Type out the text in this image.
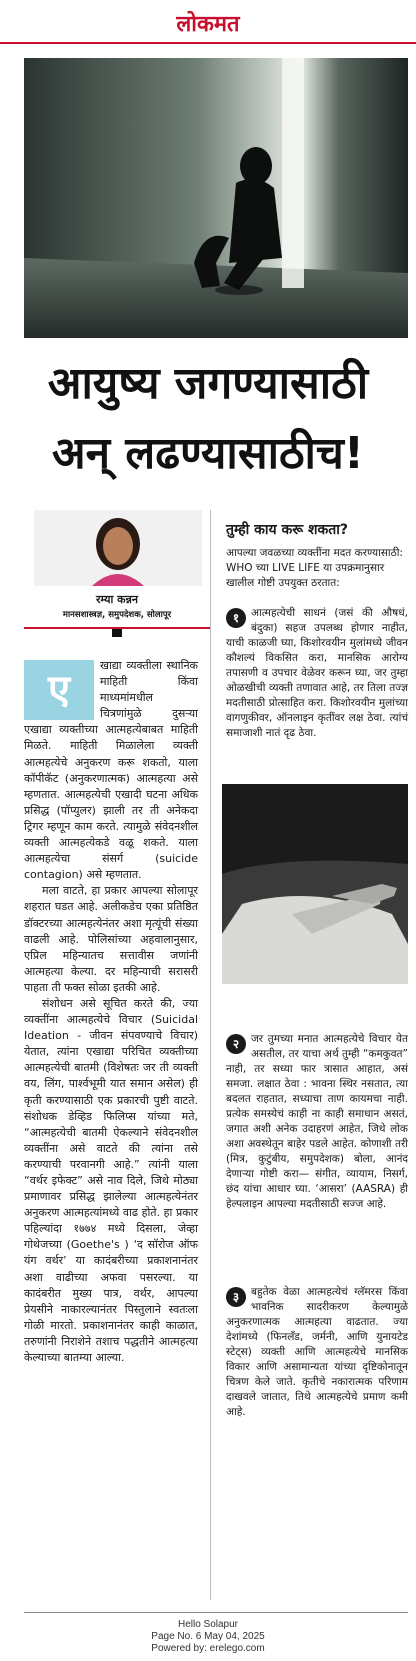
लोकमत
आयुष्य जगण्यासाठी
अन् लढण्यासाठीच!
रम्या कन्नन
मानसशास्त्रज्ञ, समुपदेशक, सोलापूर
ए

खाद्या व्यक्तीला स्थानिक माहिती किंवा माध्यमांमधील चित्रणांमुळे दुसऱ्या एखाद्या व्यक्तीच्या आत्महत्येबाबत माहिती मिळते. माहिती मिळालेला व्यक्ती आत्महत्येचे अनुकरण करू शकतो, याला कॉपीकॅट (अनुकरणात्मक) आत्महत्या असे म्हणतात. आत्महत्येची एखादी घटना अधिक प्रसिद्ध (पॉप्युलर) झाली तर ती अनेकदा ट्रिगर म्हणून काम करते. त्यामुळे संवेदनशील व्यक्ती आत्महत्येकडे वळू शकते. याला आत्महत्येचा संसर्ग (suicide contagion) असे म्हणतात.

मला वाटते, हा प्रकार आपल्या सोलापूर शहरात घडत आहे. अलीकडेच एका प्रतिष्ठित डॉक्टरच्या आत्महत्येनंतर अशा मृत्यूंची संख्या वाढली आहे. पोलिसांच्या अहवालानुसार, एप्रिल महिन्यातच सत्तावीस जणांनी आत्महत्या केल्या. दर महिन्याची सरासरी पाहता ती फक्त सोळा इतकी आहे.

संशोधन असे सूचित करते की, ज्या व्यक्तींना आत्महत्येचे विचार (Suicidal Ideation - जीवन संपवण्याचे विचार) येतात, त्यांना एखाद्या परिचित व्यक्तीच्या आत्महत्येची बातमी (विशेषतः जर ती व्यक्ती वय, लिंग, पार्श्वभूमी यात समान असेल) ही कृती करण्यासाठी एक प्रकारची पुष्टी वाटते. संशोधक डेव्हिड फिलिप्स यांच्या मते, “आत्महत्येची बातमी ऐकल्याने संवेदनशील व्यक्तींना असे वाटते की त्यांना तसे करण्याची परवानगी आहे.” त्यांनी याला “वर्थर इफेक्ट” असे नाव दिले, जिथे मोठ्या प्रमाणावर प्रसिद्ध झालेल्या आत्महत्येनंतर अनुकरण आत्महत्यांमध्ये वाढ होते. हा प्रकार पहिल्यांदा १७७४ मध्ये दिसला, जेव्हा गोथेजच्या (Goethe's ) ‘द सॉरोज ऑफ यंग वर्थर’ या कादंबरीच्या प्रकाशनानंतर अशा वाढीच्या अफवा पसरल्या. या कादंबरीत मुख्य पात्र, वर्थर, आपल्या प्रेयसीने नाकारल्यानंतर पिस्तुलाने स्वतःला गोळी मारतो. प्रकाशनानंतर काही काळात, तरुणांनी निराशेने तशाच पद्धतीने आत्महत्या केल्याच्या बातम्या आल्या.

तुम्ही काय करू शकता?
आपल्या जवळच्या व्यक्तींना मदत करण्यासाठी: WHO च्या LIVE LIFE या उपक्रमानुसार खालील गोष्टी उपयुक्त ठरतात:
१	आत्महत्येची साधनं (जसं की औषधं, बंदुका) सहज उपलब्ध होणार नाहीत, याची काळजी घ्या, किशोरवयीन मुलांमध्ये जीवन कौशल्यं विकसित करा, मानसिक आरोग्य तपासणी व उपचार वेळेवर करून घ्या, जर तुम्हा ओळखीची व्यक्ती तणावात आहे, तर तिला तज्ज्ञ मदतीसाठी प्रोत्साहित करा. किशोरवयीन मुलांच्या वागणुकीवर, ऑनलाइन कृतींवर लक्ष ठेवा. त्यांचं समाजाशी नातं दृढ ठेवा.
२	जर तुमच्या मनात आत्महत्येचे विचार येत असतील, तर याचा अर्थ तुम्ही “कमकुवत” नाही, तर सध्या फार त्रासात आहात, असं समजा. लक्षात ठेवा : भावना स्थिर नसतात, त्या बदलत राहतात, सध्याचा ताण कायमचा नाही. प्रत्येक समस्येचं काही ना काही समाधान असतं, जगात अशी अनेक उदाहरणं आहेत, जिथे लोक अशा अवस्थेतून बाहेर पडले आहेत. कोणाशी तरी (मित्र, कुटुंबीय, समुपदेशक) बोला, आनंद देणाऱ्या गोष्टी करा— संगीत, व्यायाम, निसर्ग, छंद यांचा आधार घ्या. ‘आसरा’ (AASRA) ही हेल्पलाइन आपल्या मदतीसाठी सज्ज आहे.
३	बहुतेक वेळा आत्महत्येचं ग्लॅमरस किंवा भावनिक सादरीकरण केल्यामुळे अनुकरणात्मक आत्महत्या वाढतात. ज्या देशांमध्ये (फिनलँड, जर्मनी, आणि युनायटेड स्टेट्स) व्यक्ती आणि आत्महत्येचे मानसिक विकार आणि असामान्यता यांच्या दृष्टिकोनातून चित्रण केले जाते. कृतीचे नकारात्मक परिणाम दाखवले जातात, तिथे आत्महत्येचे प्रमाण कमी आहे.
Hello Solapur
Page No. 6 May 04, 2025
Powered by: erelego.com
